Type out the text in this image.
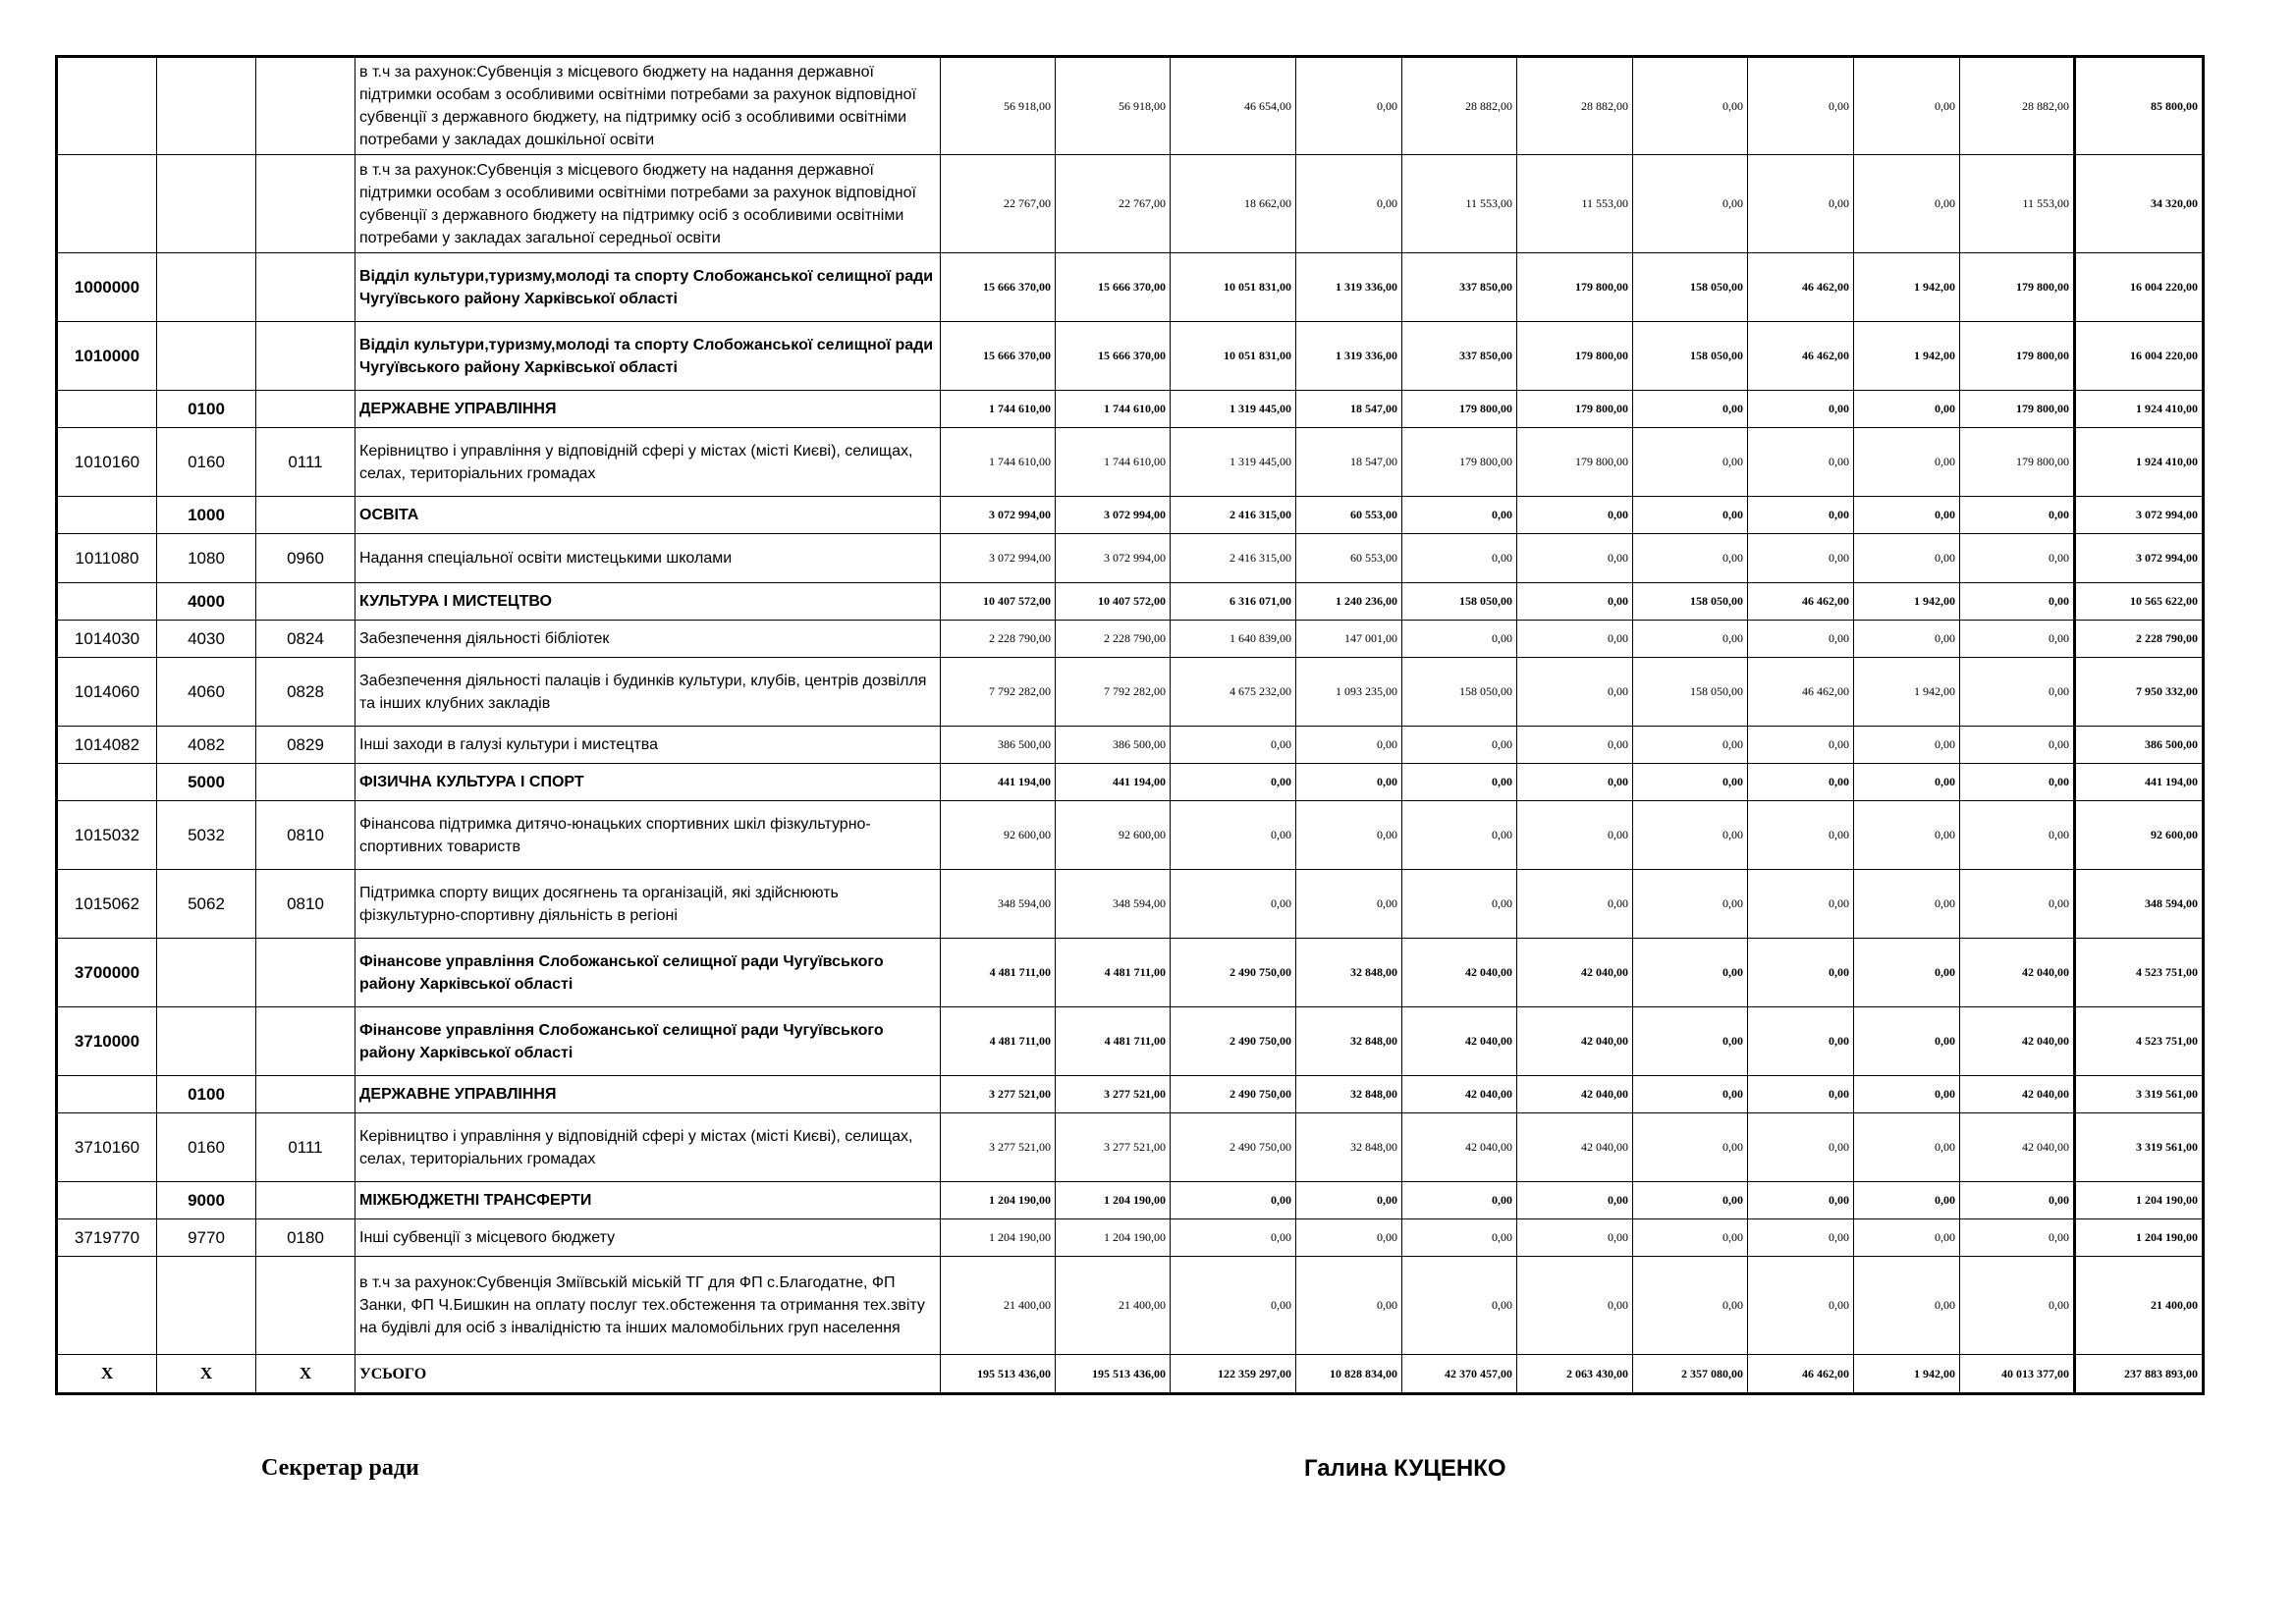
			в т.ч за рахунок:Субвенція з місцевого бюджету на надання державної підтримки особам з особливими освітніми потребами за рахунок відповідної субвенції з державного бюджету, на підтримку осіб з особливими освітніми потребами у закладах дошкільної освіти	56 918,00	56 918,00	46 654,00	0,00	28 882,00	28 882,00	0,00	0,00	0,00	28 882,00	85 800,00
			в т.ч за рахунок:Субвенція з місцевого бюджету на надання державної підтримки особам з особливими освітніми потребами за рахунок відповідної субвенції з державного бюджету на підтримку осіб з особливими освітніми потребами у закладах загальної середньої освіти	22 767,00	22 767,00	18 662,00	0,00	11 553,00	11 553,00	0,00	0,00	0,00	11 553,00	34 320,00
1000000			Відділ культури,туризму,молоді та спорту Слобожанської селищної ради Чугуївського району Харківської області	15 666 370,00	15 666 370,00	10 051 831,00	1 319 336,00	337 850,00	179 800,00	158 050,00	46 462,00	1 942,00	179 800,00	16 004 220,00
1010000			Відділ культури,туризму,молоді та спорту Слобожанської селищної ради Чугуївського району Харківської області	15 666 370,00	15 666 370,00	10 051 831,00	1 319 336,00	337 850,00	179 800,00	158 050,00	46 462,00	1 942,00	179 800,00	16 004 220,00
	0100		ДЕРЖАВНЕ УПРАВЛІННЯ	1 744 610,00	1 744 610,00	1 319 445,00	18 547,00	179 800,00	179 800,00	0,00	0,00	0,00	179 800,00	1 924 410,00
1010160	0160	0111	Керівництво і управління у відповідній сфері у містах (місті Києві), селищах, селах, територіальних громадах	1 744 610,00	1 744 610,00	1 319 445,00	18 547,00	179 800,00	179 800,00	0,00	0,00	0,00	179 800,00	1 924 410,00
	1000		ОСВІТА	3 072 994,00	3 072 994,00	2 416 315,00	60 553,00	0,00	0,00	0,00	0,00	0,00	0,00	3 072 994,00
1011080	1080	0960	Надання спеціальної освіти мистецькими школами	3 072 994,00	3 072 994,00	2 416 315,00	60 553,00	0,00	0,00	0,00	0,00	0,00	0,00	3 072 994,00
	4000		КУЛЬТУРА І МИСТЕЦТВО	10 407 572,00	10 407 572,00	6 316 071,00	1 240 236,00	158 050,00	0,00	158 050,00	46 462,00	1 942,00	0,00	10 565 622,00
1014030	4030	0824	Забезпечення діяльності бібліотек	2 228 790,00	2 228 790,00	1 640 839,00	147 001,00	0,00	0,00	0,00	0,00	0,00	0,00	2 228 790,00
1014060	4060	0828	Забезпечення діяльності палаців і будинків культури, клубів, центрів дозвілля та інших клубних закладів	7 792 282,00	7 792 282,00	4 675 232,00	1 093 235,00	158 050,00	0,00	158 050,00	46 462,00	1 942,00	0,00	7 950 332,00
1014082	4082	0829	Інші заходи в галузі культури і мистецтва	386 500,00	386 500,00	0,00	0,00	0,00	0,00	0,00	0,00	0,00	0,00	386 500,00
	5000		ФІЗИЧНА КУЛЬТУРА І СПОРТ	441 194,00	441 194,00	0,00	0,00	0,00	0,00	0,00	0,00	0,00	0,00	441 194,00
1015032	5032	0810	Фінансова підтримка дитячо-юнацьких спортивних шкіл фізкультурно-спортивних товариств	92 600,00	92 600,00	0,00	0,00	0,00	0,00	0,00	0,00	0,00	0,00	92 600,00
1015062	5062	0810	Підтримка спорту вищих досягнень та організацій, які здійснюють фізкультурно-спортивну діяльність в регіоні	348 594,00	348 594,00	0,00	0,00	0,00	0,00	0,00	0,00	0,00	0,00	348 594,00
3700000			Фінансове управління Слобожанської селищної ради Чугуївського району Харківської області	4 481 711,00	4 481 711,00	2 490 750,00	32 848,00	42 040,00	42 040,00	0,00	0,00	0,00	42 040,00	4 523 751,00
3710000			Фінансове управління Слобожанської селищної ради Чугуївського району Харківської області	4 481 711,00	4 481 711,00	2 490 750,00	32 848,00	42 040,00	42 040,00	0,00	0,00	0,00	42 040,00	4 523 751,00
	0100		ДЕРЖАВНЕ УПРАВЛІННЯ	3 277 521,00	3 277 521,00	2 490 750,00	32 848,00	42 040,00	42 040,00	0,00	0,00	0,00	42 040,00	3 319 561,00
3710160	0160	0111	Керівництво і управління у відповідній сфері у містах (місті Києві), селищах, селах, територіальних громадах	3 277 521,00	3 277 521,00	2 490 750,00	32 848,00	42 040,00	42 040,00	0,00	0,00	0,00	42 040,00	3 319 561,00
	9000		МІЖБЮДЖЕТНІ ТРАНСФЕРТИ	1 204 190,00	1 204 190,00	0,00	0,00	0,00	0,00	0,00	0,00	0,00	0,00	1 204 190,00
3719770	9770	0180	Інші субвенції з місцевого бюджету	1 204 190,00	1 204 190,00	0,00	0,00	0,00	0,00	0,00	0,00	0,00	0,00	1 204 190,00
			в т.ч за рахунок:Субвенція Зміївській міській ТГ для ФП с.Благодатне, ФП Занки, ФП Ч.Бишкин на оплату послуг тех.обстеження та отримання тех.звіту на будівлі для осіб з інвалідністю та інших маломобільних груп населення	21 400,00	21 400,00	0,00	0,00	0,00	0,00	0,00	0,00	0,00	0,00	21 400,00
X	X	X	УСЬОГО	195 513 436,00	195 513 436,00	122 359 297,00	10 828 834,00	42 370 457,00	2 063 430,00	2 357 080,00	46 462,00	1 942,00	40 013 377,00	237 883 893,00
Секретар ради	Галина КУЦЕНКО
